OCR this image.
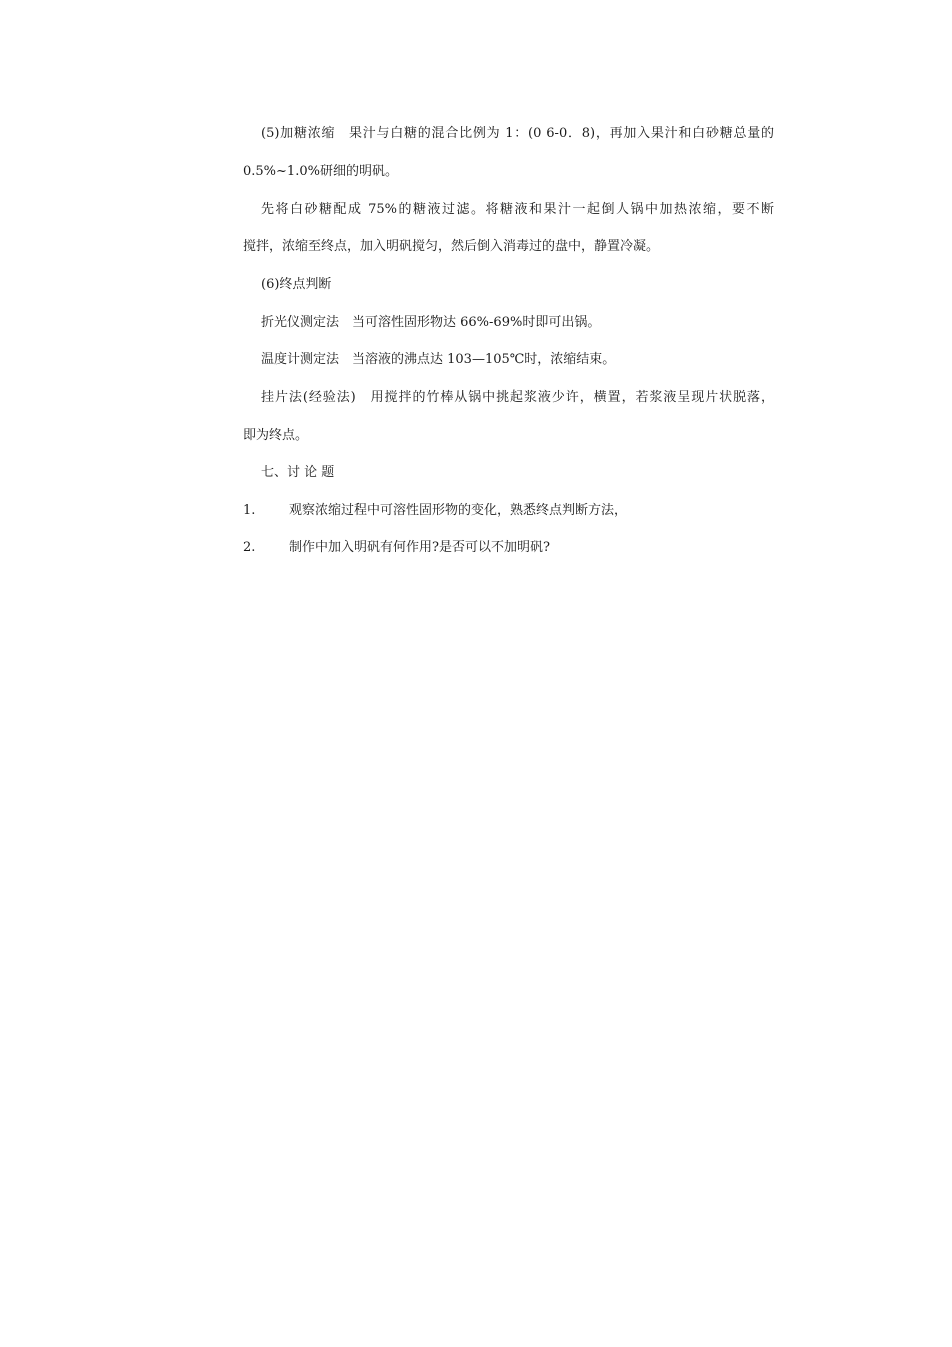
(5)加糖浓缩　果汁与白糖的混合比例为 1：(0 6-0．8)，再加入果汁和白砂糖总量的
0.5%~1.0%研细的明矾。
先将白砂糖配成 75%的糖液过滤。将糖液和果汁一起倒人锅中加热浓缩，要不断
搅拌，浓缩至终点，加入明矾搅匀，然后倒入消毒过的盘中，静置冷凝。
(6)终点判断
折光仪测定法　当可溶性固形物达 66%-69%时即可出锅。
温度计测定法　当溶液的沸点达 103—105℃时，浓缩结束。
挂片法(经验法)　用搅拌的竹棒从锅中挑起浆液少许，横置，若浆液呈现片状脱落，
即为终点。
七、讨 论 题
1.	观察浓缩过程中可溶性固形物的变化，熟悉终点判断方法，
2.	制作中加入明矾有何作用?是否可以不加明矾?
